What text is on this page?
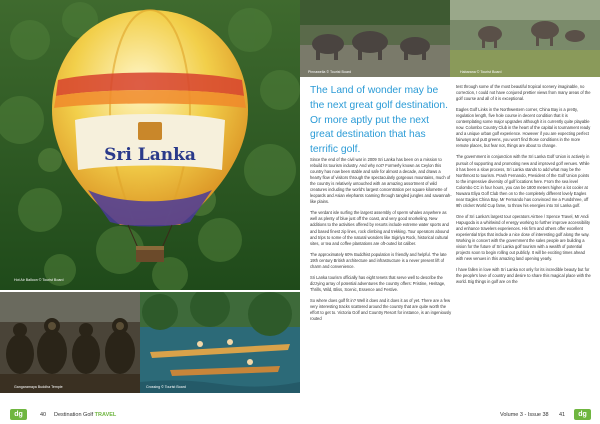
Sri Lanka
Hot Air Balloon © Tourist Board
Gangaramaya Buddha Temple	Crossing © Tourist Board
dg	40 Destination Golf TRAVEL
Pinnawella © Tourist Board	Habarana © Tourist Board
The Land of wonder may be the next great golf destination. Or more aptly put the next great destination that has terrific golf.

Since the end of the civil war in 2009 Sri Lanka has been on a mission to rebuild its tourism industry. And why not? Formerly known as Ceylon this country has now been stable and safe for almost a decade, and draws a hearty flow of visitors through the spectacularly gorgeous mountains, much of the country is relatively untouched with an amazing assortment of wild creatures including the world's largest concentration per square kilometre of leopards and Asian elephants roaming through tangled jungles and savannah-like plains.

The verdant isle surfing the largest assembly of sperm whales anywhere as well as plenty of blue just off the coast, and very good snorkeling. New additions to the activities offered by resorts include extreme water sports and and based finest zip lines, rock climbing and trekking. Tour operators abound and trips to some of the natural wonders like Sigiriya Rock, historical cultural sites, or tea and coffee plantations are oft-outed lot caliber.

The approximately 60% Buddhist population is friendly and helpful. The late 19th century British architecture and infrastructure is a never present lift of charm and convenience.

Sri Lanka tourism officially has eight tenets that serve well to describe the dizzying array of potential adventures the country offers: Pristine, Heritage, Thrills, Wild, Bliss, Scenic, Essence and Festive.

So where does golf fit in? Well it does and it does it as of yet. There are a few very interesting tracks scattered around the country that are quite worth the effort to get to. Victoria Golf and Country Resort for instance, is an ingeniously routed

test through some of the most beautiful tropical scenery imaginable, no correction, I could not have conjured prettier views from many areas of the golf course and all of it is exceptional.

Eagles Golf Links in the Northwestern corner, China Bay is a pretty, regulation length, five hole course in decent condition that it is contemplating some major upgrades although it is currently quite playable now. Colombo Country Club in the heart of the capital is tournament ready and a unique urban golf experience. However if you are expecting perfect fairways and putt greens, you won't find those conditions in the more remote places, but fear not, things are about to change.

The government in conjunction with the Sri Lanka Golf Union is actively in pursuit of supporting and promoting new and improved golf venues. While it has been a slow process, Sri Lanka stands to add what may be the Northmost to tourism. Prash Fernando, President of the Golf Union points to the impressive diversity of golf locations here. From the sea level Colombo CC in four hours, you can be 1800 meters higher a lot cooler at Nuwara Eliya Golf Club then on to the completely different lovely Eagles near Eagles China Bay. Mr Fernando has convinced me a Fundshree, off 9th cricket World Cup fame, to throw his energies into Sri Lanka golf.

One of Sri Lanka's largest tour operators AirSee / Spence Travel, Mr Andi Hapugoda is a whirlwind of energy working to further improve accessibility and enhance travelers experiences. His firm and others offer excellent experiential trips that include a nice dose of interesting golf along the way. Working in concert with the government the sales people are building a vision for the future of Sri Lanka golf tourism with a wealth of potential projects soon to begin rolling out publicly. It will be exciting times ahead with new venues in this amazing land opening yearly.

I have fallen in love with Sri Lanka not only for its incredible beauty but for the people's love of country and desire to share this magical place with the world. Big things in golf are on the

Volume 3 - Issue 38 41	dg
